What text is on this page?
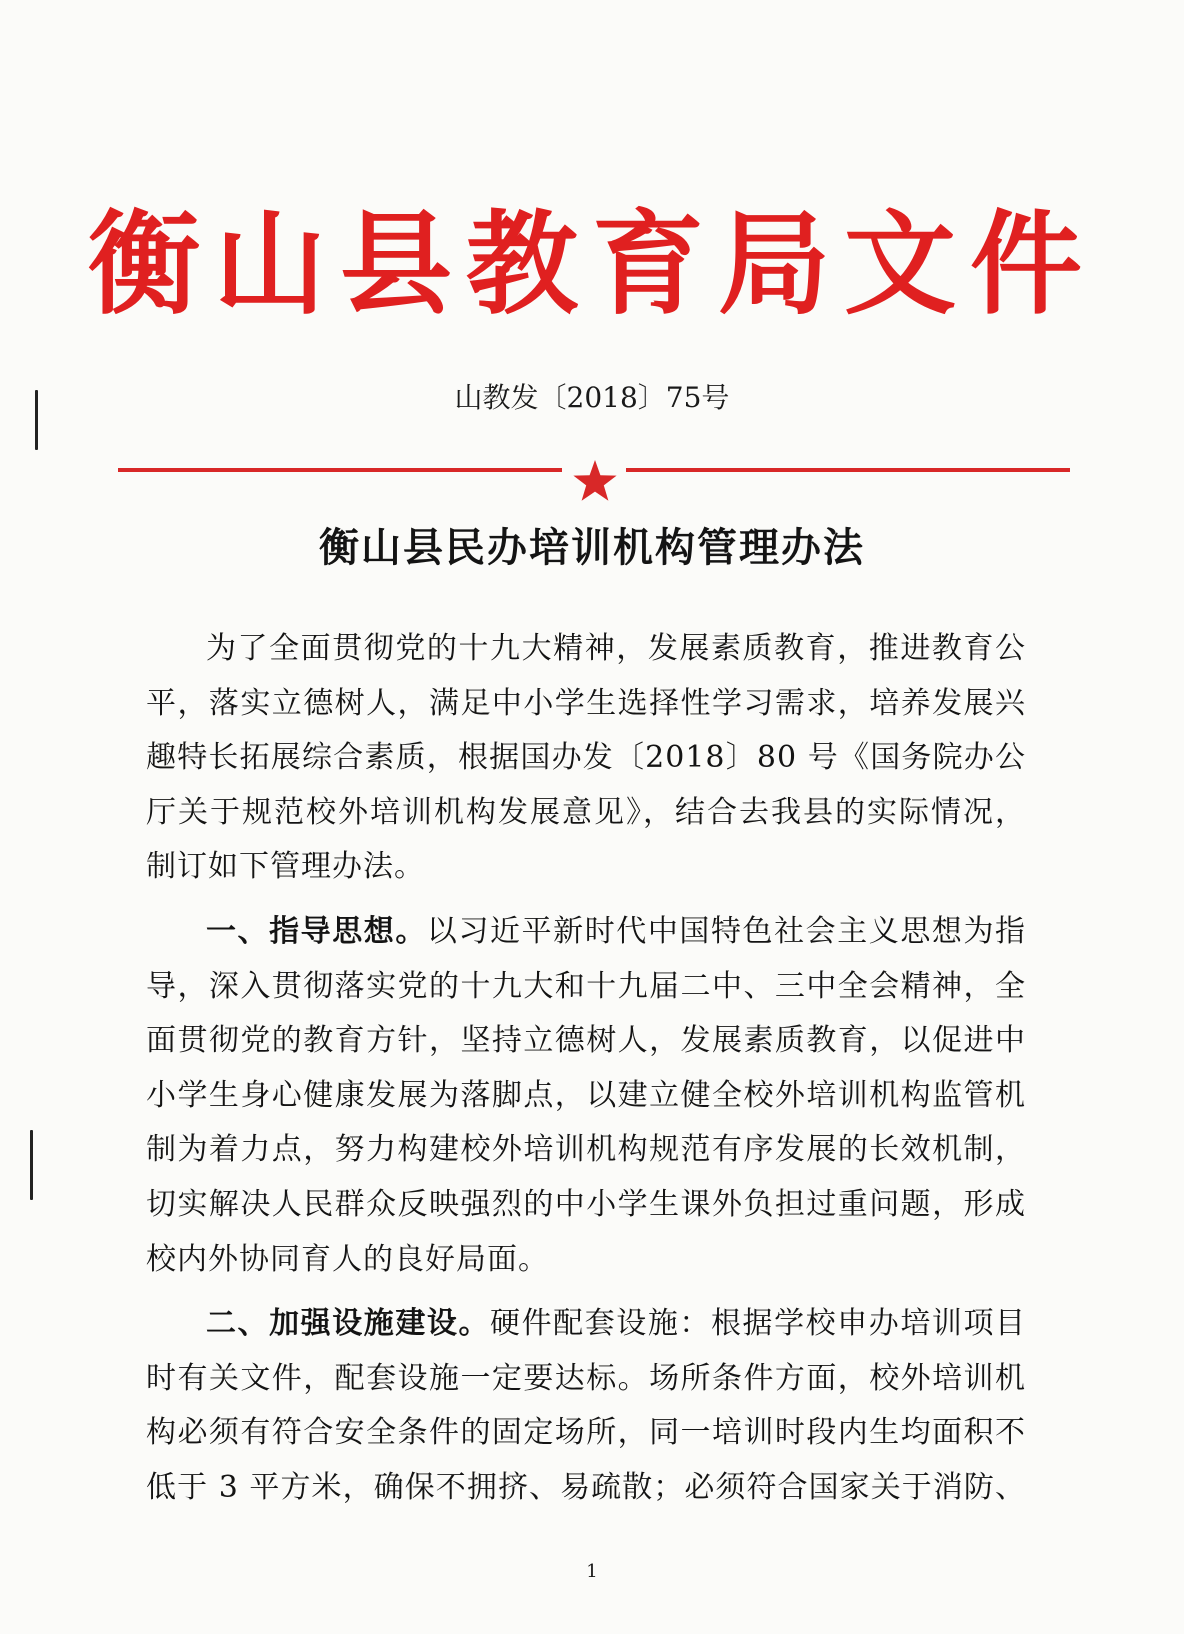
衡山县教育局文件
山教发〔2018〕75号
衡山县民办培训机构管理办法
为了全面贯彻党的十九大精神，发展素质教育，推进教育公
平，落实立德树人，满足中小学生选择性学习需求，培养发展兴
趣特长拓展综合素质，根据国办发〔2018〕80 号《国务院办公
厅关于规范校外培训机构发展意见》，结合去我县的实际情况，
制订如下管理办法。
一、指导思想。以习近平新时代中国特色社会主义思想为指
导，深入贯彻落实党的十九大和十九届二中、三中全会精神，全
面贯彻党的教育方针，坚持立德树人，发展素质教育，以促进中
小学生身心健康发展为落脚点，以建立健全校外培训机构监管机
制为着力点，努力构建校外培训机构规范有序发展的长效机制，
切实解决人民群众反映强烈的中小学生课外负担过重问题，形成
校内外协同育人的良好局面。
二、加强设施建设。硬件配套设施：根据学校申办培训项目
时有关文件，配套设施一定要达标。场所条件方面，校外培训机
构必须有符合安全条件的固定场所，同一培训时段内生均面积不
低于 3 平方米，确保不拥挤、易疏散；必须符合国家关于消防、
1
